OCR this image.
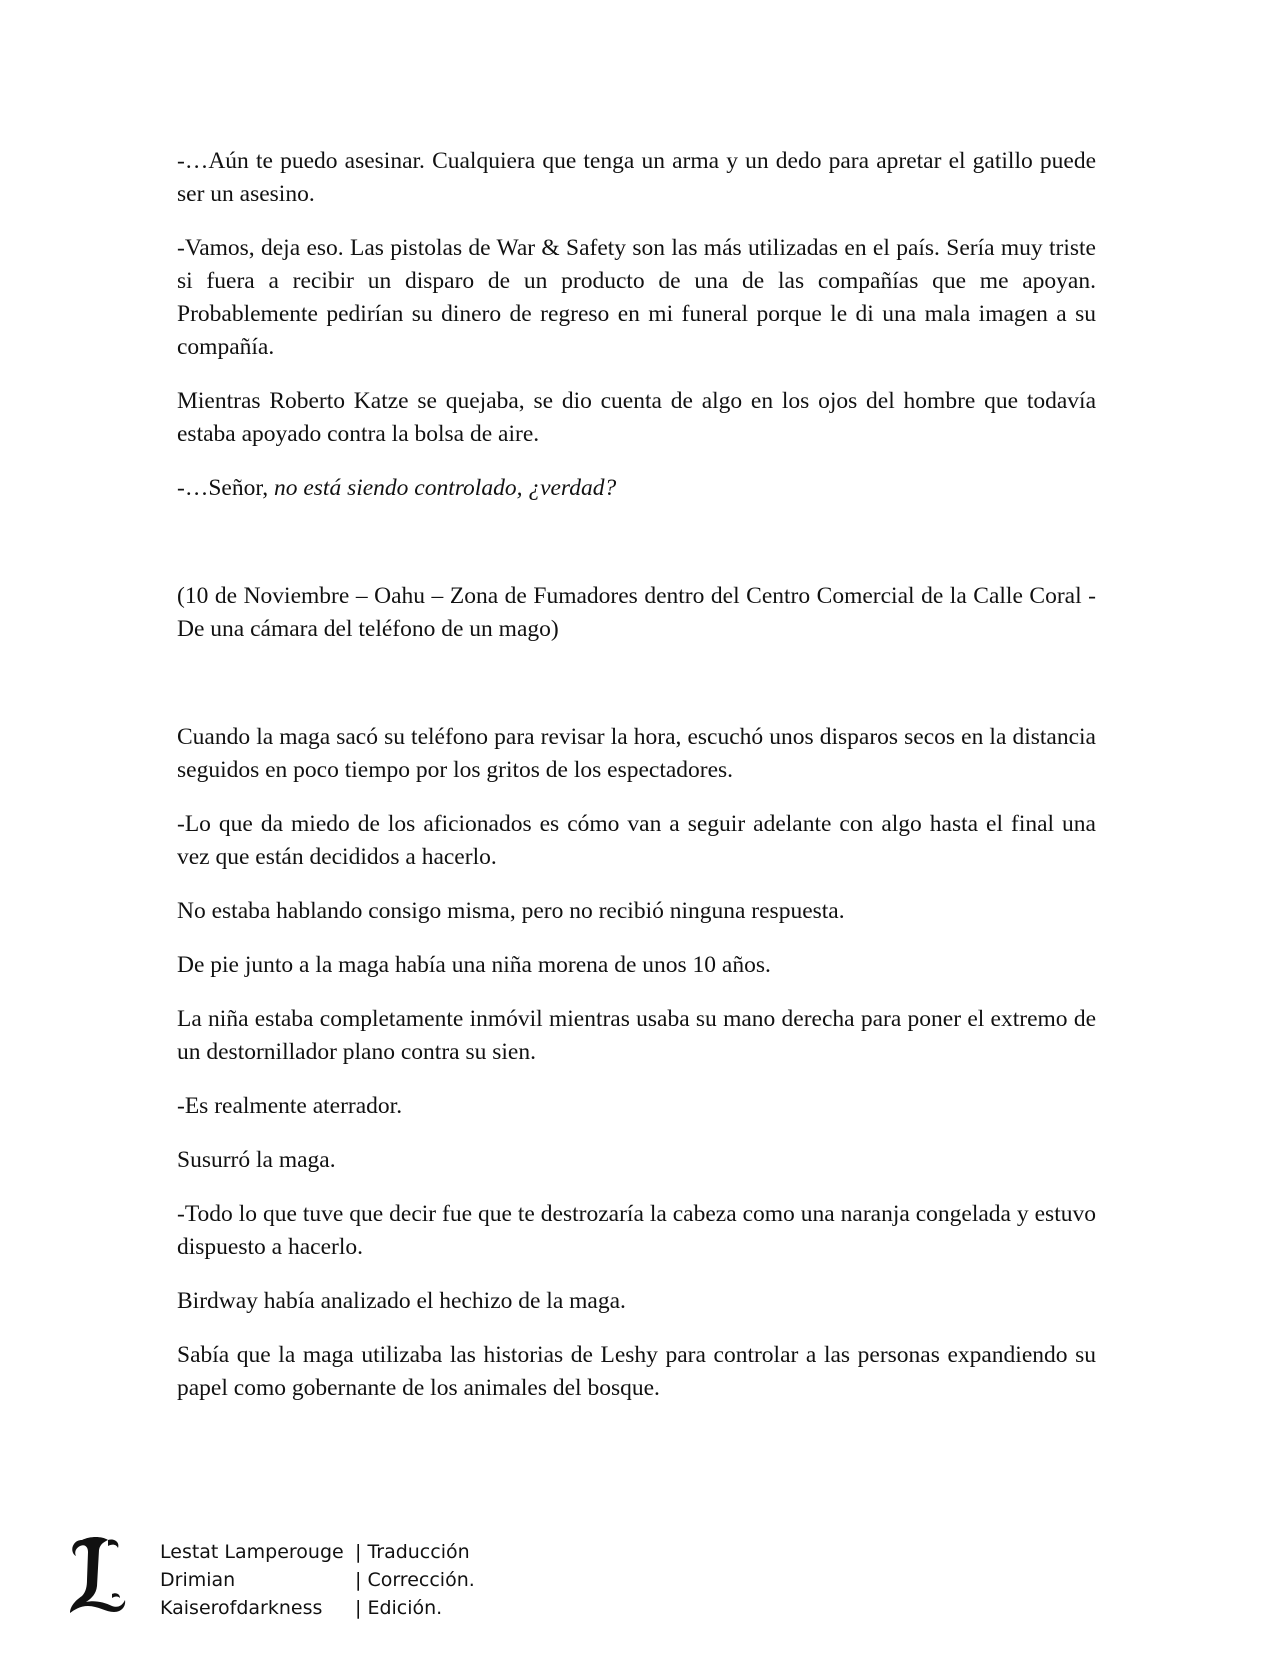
-…Aún te puedo asesinar. Cualquiera que tenga un arma y un dedo para apretar el gatillo puede ser un asesino.

-Vamos, deja eso. Las pistolas de War & Safety son las más utilizadas en el país. Sería muy triste si fuera a recibir un disparo de un producto de una de las compañías que me apoyan. Probablemente pedirían su dinero de regreso en mi funeral porque le di una mala imagen a su compañía.

Mientras Roberto Katze se quejaba, se dio cuenta de algo en los ojos del hombre que todavía estaba apoyado contra la bolsa de aire.

-…Señor, no está siendo controlado, ¿verdad?

(10 de Noviembre – Oahu – Zona de Fumadores dentro del Centro Comercial de la Calle Coral - De una cámara del teléfono de un mago)

Cuando la maga sacó su teléfono para revisar la hora, escuchó unos disparos secos en la distancia seguidos en poco tiempo por los gritos de los espectadores.

-Lo que da miedo de los aficionados es cómo van a seguir adelante con algo hasta el final una vez que están decididos a hacerlo.

No estaba hablando consigo misma, pero no recibió ninguna respuesta.

De pie junto a la maga había una niña morena de unos 10 años.

La niña estaba completamente inmóvil mientras usaba su mano derecha para poner el extremo de un destornillador plano contra su sien.

-Es realmente aterrador.

Susurró la maga.

-Todo lo que tuve que decir fue que te destrozaría la cabeza como una naranja congelada y estuvo dispuesto a hacerlo.

Birdway había analizado el hechizo de la maga.

Sabía que la maga utilizaba las historias de Leshy para controlar a las personas expandiendo su papel como gobernante de los animales del bosque.

Lestat Lamperouge | Traducción
Drimian	| Corrección.
Kaiserofdarkness	| Edición.
